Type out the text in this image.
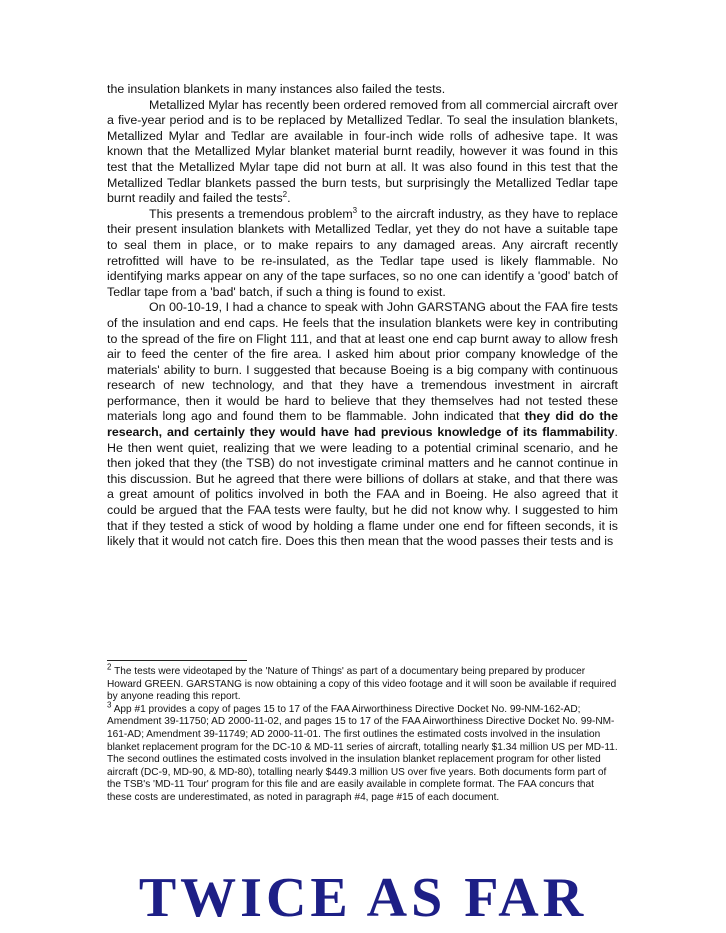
the insulation blankets in many instances also failed the tests.

Metallized Mylar has recently been ordered removed from all commercial aircraft over a five-year period and is to be replaced by Metallized Tedlar. To seal the insulation blankets, Metallized Mylar and Tedlar are available in four-inch wide rolls of adhesive tape. It was known that the Metallized Mylar blanket material burnt readily, however it was found in this test that the Metallized Mylar tape did not burn at all. It was also found in this test that the Metallized Tedlar blankets passed the burn tests, but surprisingly the Metallized Tedlar tape burnt readily and failed the tests$^2$.

This presents a tremendous problem$^3$ to the aircraft industry, as they have to replace their present insulation blankets with Metallized Tedlar, yet they do not have a suitable tape to seal them in place, or to make repairs to any damaged areas. Any aircraft recently retrofitted will have to be re-insulated, as the Tedlar tape used is likely flammable. No identifying marks appear on any of the tape surfaces, so no one can identify a 'good' batch of Tedlar tape from a 'bad' batch, if such a thing is found to exist.

On 00-10-19, I had a chance to speak with John GARSTANG about the FAA fire tests of the insulation and end caps. He feels that the insulation blankets were key in contributing to the spread of the fire on Flight 111, and that at least one end cap burnt away to allow fresh air to feed the center of the fire area. I asked him about prior company knowledge of the materials' ability to burn. I suggested that because Boeing is a big company with continuous research of new technology, and that they have a tremendous investment in aircraft performance, then it would be hard to believe that they themselves had not tested these materials long ago and found them to be flammable. John indicated that they did do the research, and certainly they would have had previous knowledge of its flammability. He then went quiet, realizing that we were leading to a potential criminal scenario, and he then joked that they (the TSB) do not investigate criminal matters and he cannot continue in this discussion. But he agreed that there were billions of dollars at stake, and that there was a great amount of politics involved in both the FAA and in Boeing. He also agreed that it could be argued that the FAA tests were faulty, but he did not know why. I suggested to him that if they tested a stick of wood by holding a flame under one end for fifteen seconds, it is likely that it would not catch fire. Does this then mean that the wood passes their tests and is

$^2$ The tests were videotaped by the 'Nature of Things' as part of a documentary being prepared by producer Howard GREEN. GARSTANG is now obtaining a copy of this video footage and it will soon be available if required by anyone reading this report.

$^3$ App #1 provides a copy of pages 15 to 17 of the FAA Airworthiness Directive Docket No. 99-NM-162-AD; Amendment 39-11750; AD 2000-11-02, and pages 15 to 17 of the FAA Airworthiness Directive Docket No. 99-NM-161-AD; Amendment 39-11749; AD 2000-11-01. The first outlines the estimated costs involved in the insulation blanket replacement program for the DC-10 & MD-11 series of aircraft, totalling nearly $1.34 million US per MD-11. The second outlines the estimated costs involved in the insulation blanket replacement program for other listed aircraft (DC-9, MD-90, & MD-80), totalling nearly $449.3 million US over five years. Both documents form part of the TSB's 'MD-11 Tour' program for this file and are easily available in complete format. The FAA concurs that these costs are underestimated, as noted in paragraph #4, page #15 of each document.

TWICE AS FAR
